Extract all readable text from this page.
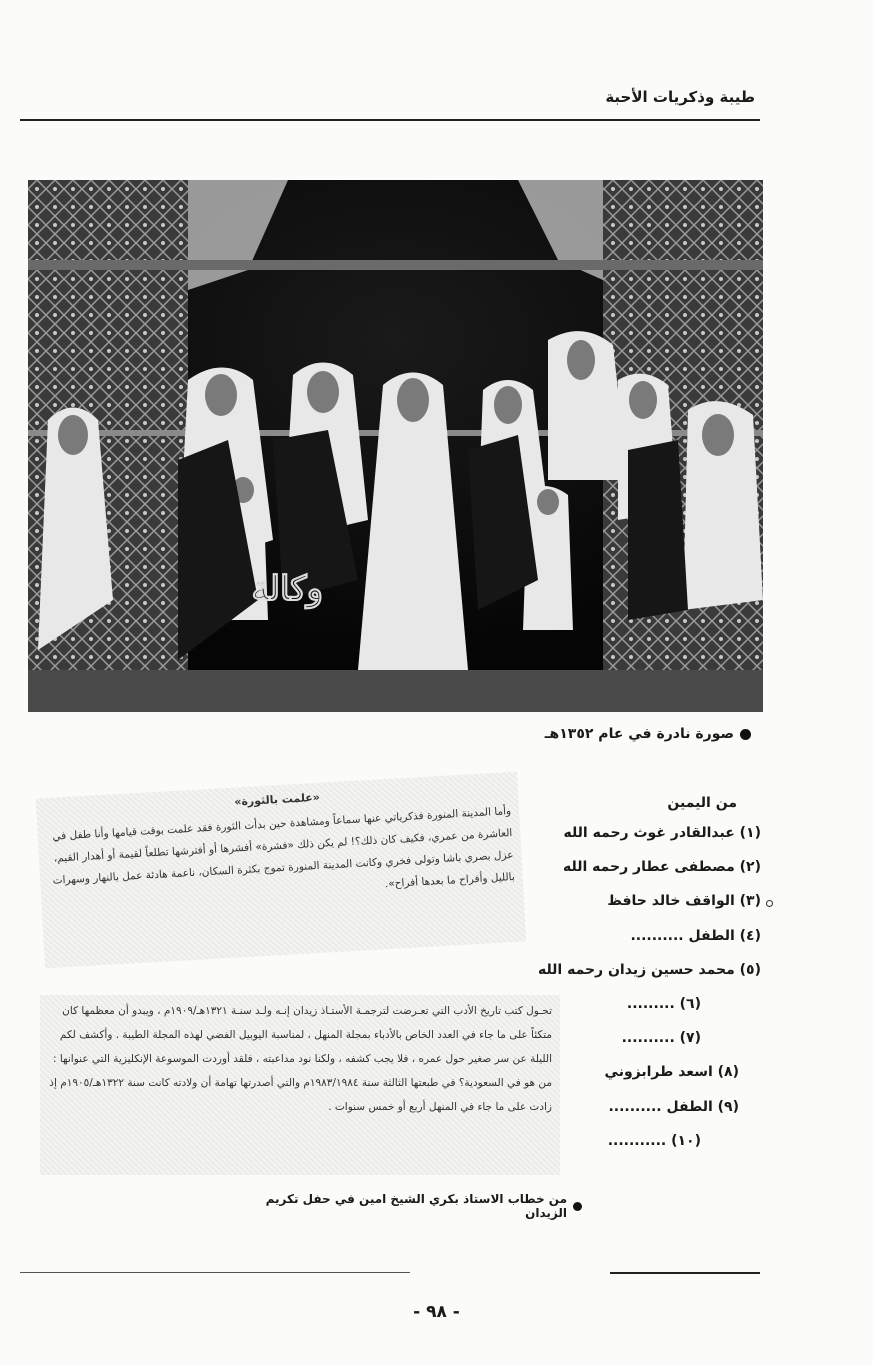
طيبة وذكريات الأحبة
وكالة
صورة نادرة في عام ١٣٥٢هـ
من اليمين
(١) عبدالقادر غوث رحمه الله
(٢) مصطفى عطار رحمه الله
(٣) الواقف خالد حافظ
(٤) الطفل ..........
(٥) محمد حسين زيدان رحمه الله
(٦) .........
(٧) ..........
(٨) اسعد طرابزوني
(٩) الطفل ..........
(١٠) ...........
«علمت بالثورة»
وأما المدينة المنورة فذكرياتي عنها سماعاً ومشاهدة حين بدأت الثورة فقد علمت بوقت قيامها وأنا طفل في العاشرة من عمري، فكيف كان ذلك؟! لم يكن ذلك «فشرة» أفشرها أو أفترشها تطلعاً لقيمة أو أهدار القيم، عزل بصري باشا وتولى فخري وكانت المدينة المنورة تموج بكثرة السكان، ناعمة هادئة عمل بالنهار وسهرات بالليل وأفراح ما بعدها أفراح».
تحـول كتب تاريخ الأدب التي تعـرضت لترجمـة الأستـاذ زيدان إنـه ولـد سنـة ١٣٢١هـ/١٩٠٩م ، ويبدو أن معظمها كان متكئاً على ما جاء في العدد الخاص بالأدباء بمجلة المنهل ، لمناسبة اليوبيل الفضي لهذه المجلة الطيبة . وأكشف لكم الليلة عن سر صغير حول عمره ، فلا يجب كشفه ، ولكنا نود مداعبته ، فلقد أوردت الموسوعة الإنكليزية التي عنوانها : من هو في السعودية؟ في طبعتها الثالثة سنة ١٩٨٣/١٩٨٤م والتي أصدرتها تهامة أن ولادته كانت سنة ١٣٢٢هـ/١٩٠٥م إذ زادت على ما جاء في المنهل أربع أو خمس سنوات .
من خطاب الاستاذ بكري الشيخ امين في حفل تكريم الزيدان
- ٩٨ -
